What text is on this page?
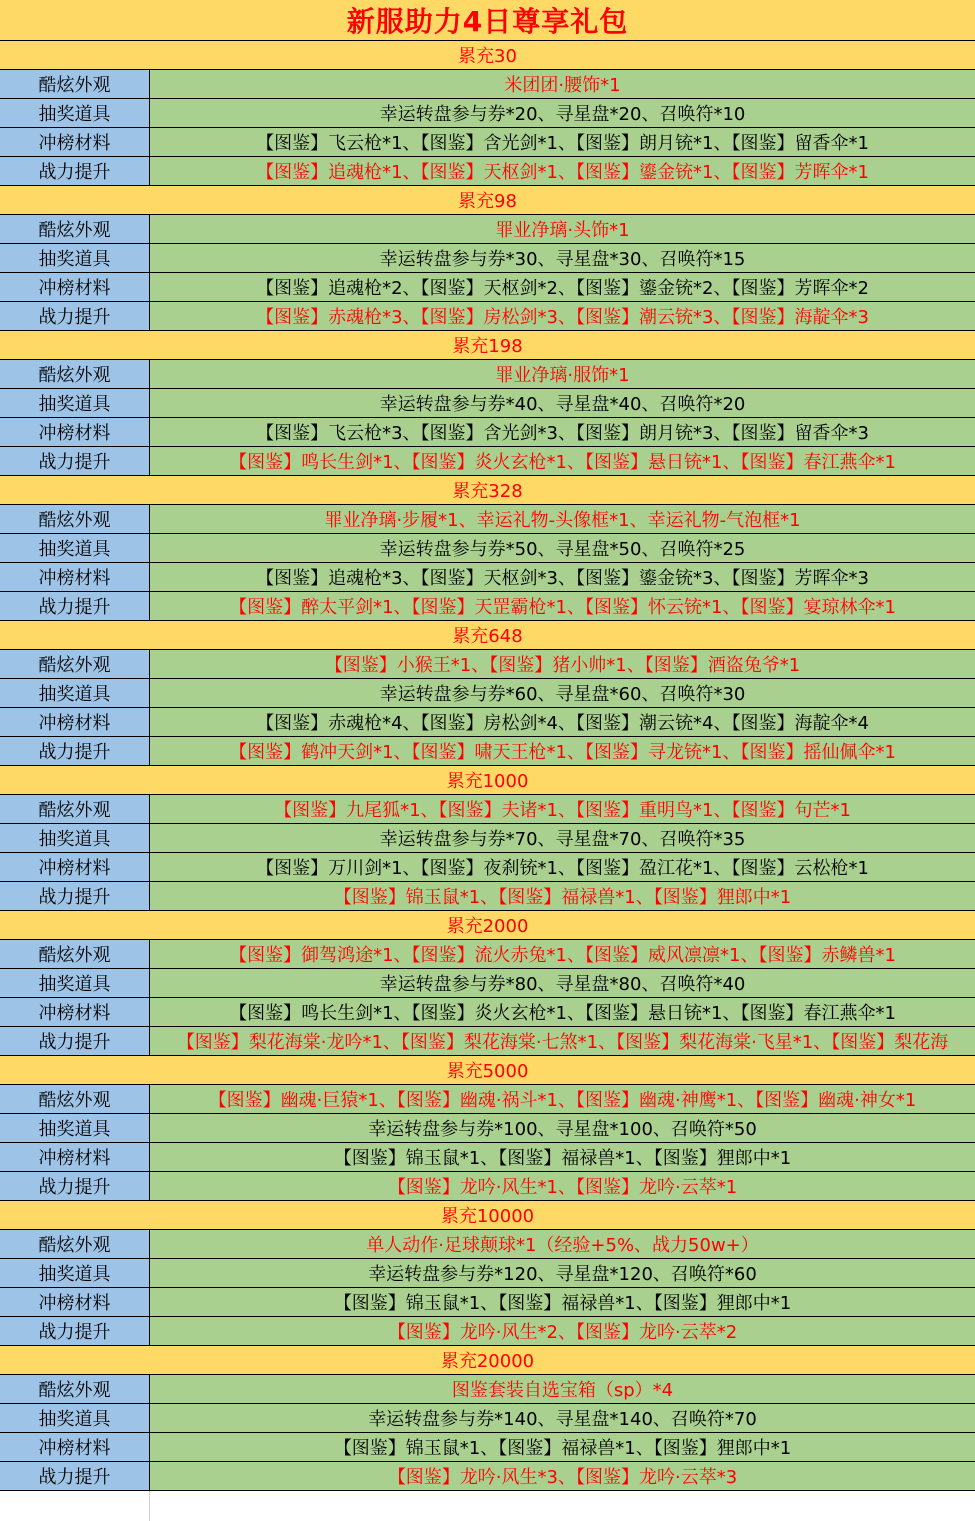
新服助力4日尊享礼包
累充30
酷炫外观	米团团·腰饰*1
抽奖道具	幸运转盘参与券*20、寻星盘*20、召唤符*10
冲榜材料	【图鉴】飞云枪*1、【图鉴】含光剑*1、【图鉴】朗月铳*1、【图鉴】留香伞*1
战力提升	【图鉴】追魂枪*1、【图鉴】天枢剑*1、【图鉴】鎏金铳*1、【图鉴】芳晖伞*1
累充98
酷炫外观	罪业净璃·头饰*1
抽奖道具	幸运转盘参与券*30、寻星盘*30、召唤符*15
冲榜材料	【图鉴】追魂枪*2、【图鉴】天枢剑*2、【图鉴】鎏金铳*2、【图鉴】芳晖伞*2
战力提升	【图鉴】赤魂枪*3、【图鉴】房松剑*3、【图鉴】潮云铳*3、【图鉴】海靛伞*3
累充198
酷炫外观	罪业净璃·服饰*1
抽奖道具	幸运转盘参与券*40、寻星盘*40、召唤符*20
冲榜材料	【图鉴】飞云枪*3、【图鉴】含光剑*3、【图鉴】朗月铳*3、【图鉴】留香伞*3
战力提升	【图鉴】鸣长生剑*1、【图鉴】炎火玄枪*1、【图鉴】悬日铳*1、【图鉴】春江燕伞*1
累充328
酷炫外观	罪业净璃·步履*1、幸运礼物-头像框*1、幸运礼物-气泡框*1
抽奖道具	幸运转盘参与券*50、寻星盘*50、召唤符*25
冲榜材料	【图鉴】追魂枪*3、【图鉴】天枢剑*3、【图鉴】鎏金铳*3、【图鉴】芳晖伞*3
战力提升	【图鉴】醉太平剑*1、【图鉴】天罡霸枪*1、【图鉴】怀云铳*1、【图鉴】宴琼林伞*1
累充648
酷炫外观	【图鉴】小猴王*1、【图鉴】猪小帅*1、【图鉴】酒盗兔爷*1
抽奖道具	幸运转盘参与券*60、寻星盘*60、召唤符*30
冲榜材料	【图鉴】赤魂枪*4、【图鉴】房松剑*4、【图鉴】潮云铳*4、【图鉴】海靛伞*4
战力提升	【图鉴】鹤冲天剑*1、【图鉴】啸天王枪*1、【图鉴】寻龙铳*1、【图鉴】摇仙佩伞*1
累充1000
酷炫外观	【图鉴】九尾狐*1、【图鉴】夫诸*1、【图鉴】重明鸟*1、【图鉴】句芒*1
抽奖道具	幸运转盘参与券*70、寻星盘*70、召唤符*35
冲榜材料	【图鉴】万川剑*1、【图鉴】夜刹铳*1、【图鉴】盈江花*1、【图鉴】云松枪*1
战力提升	【图鉴】锦玉鼠*1、【图鉴】福禄兽*1、【图鉴】狸郎中*1
累充2000
酷炫外观	【图鉴】御驾鸿途*1、【图鉴】流火赤兔*1、【图鉴】威风凛凛*1、【图鉴】赤鳞兽*1
抽奖道具	幸运转盘参与券*80、寻星盘*80、召唤符*40
冲榜材料	【图鉴】鸣长生剑*1、【图鉴】炎火玄枪*1、【图鉴】悬日铳*1、【图鉴】春江燕伞*1
战力提升	【图鉴】梨花海棠·龙吟*1、【图鉴】梨花海棠·七煞*1、【图鉴】梨花海棠·飞星*1、【图鉴】梨花海
累充5000
酷炫外观	【图鉴】幽魂·巨猿*1、【图鉴】幽魂·祸斗*1、【图鉴】幽魂·神鹰*1、【图鉴】幽魂·神女*1
抽奖道具	幸运转盘参与券*100、寻星盘*100、召唤符*50
冲榜材料	【图鉴】锦玉鼠*1、【图鉴】福禄兽*1、【图鉴】狸郎中*1
战力提升	【图鉴】龙吟·风生*1、【图鉴】龙吟·云萃*1
累充10000
酷炫外观	单人动作·足球颠球*1（经验+5%、战力50w+）
抽奖道具	幸运转盘参与券*120、寻星盘*120、召唤符*60
冲榜材料	【图鉴】锦玉鼠*1、【图鉴】福禄兽*1、【图鉴】狸郎中*1
战力提升	【图鉴】龙吟·风生*2、【图鉴】龙吟·云萃*2
累充20000
酷炫外观	图鉴套装自选宝箱（sp）*4
抽奖道具	幸运转盘参与券*140、寻星盘*140、召唤符*70
冲榜材料	【图鉴】锦玉鼠*1、【图鉴】福禄兽*1、【图鉴】狸郎中*1
战力提升	【图鉴】龙吟·风生*3、【图鉴】龙吟·云萃*3
